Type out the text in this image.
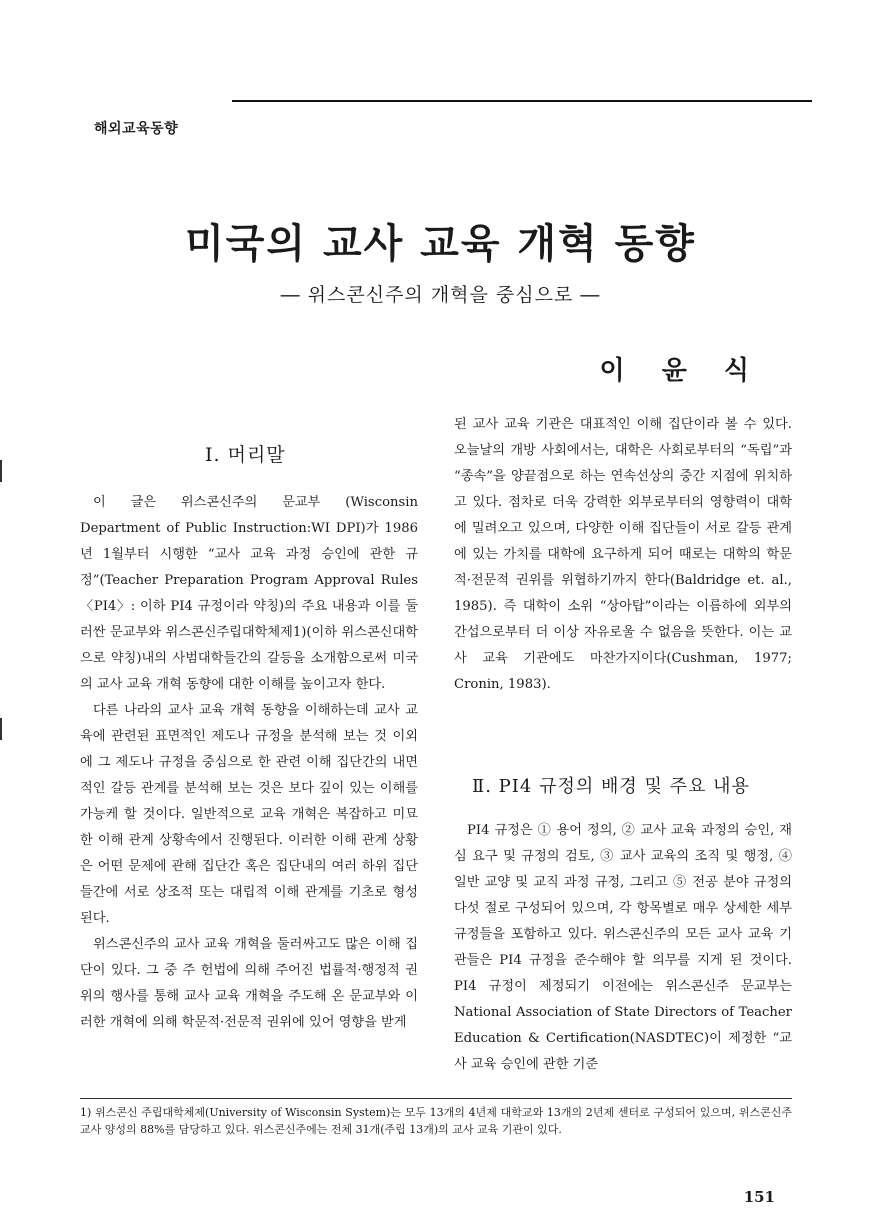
해외교육동향
미국의 교사 교육 개혁 동향
― 위스콘신주의 개혁을 중심으로 ―
이 윤 식
Ⅰ. 머리말

이 글은 위스콘신주의 문교부 (Wisconsin Department of Public Instruction:WI DPI)가 1986년 1월부터 시행한 “교사 교육 과정 승인에 관한 규정”(Teacher Preparation Program Approval Rules〈PI4〉: 이하 PI4 규정이라 약칭)의 주요 내용과 이를 둘러싼 문교부와 위스콘신주립대학체제1)(이하 위스콘신대학으로 약칭)내의 사범대학들간의 갈등을 소개함으로써 미국의 교사 교육 개혁 동향에 대한 이해를 높이고자 한다.

다른 나라의 교사 교육 개혁 동향을 이해하는데 교사 교육에 관련된 표면적인 제도나 규정을 분석해 보는 것 이외에 그 제도나 규정을 중심으로 한 관련 이해 집단간의 내면적인 갈등 관계를 분석해 보는 것은 보다 깊이 있는 이해를 가능케 할 것이다. 일반적으로 교육 개혁은 복잡하고 미묘한 이해 관계 상황속에서 진행된다. 이러한 이해 관계 상황은 어떤 문제에 관해 집단간 혹은 집단내의 여러 하위 집단들간에 서로 상조적 또는 대립적 이해 관계를 기초로 형성된다.

위스콘신주의 교사 교육 개혁을 둘러싸고도 많은 이해 집단이 있다. 그 중 주 헌법에 의해 주어진 법률적·행정적 권위의 행사를 통해 교사 교육 개혁을 주도해 온 문교부와 이러한 개혁에 의해 학문적·전문적 권위에 있어 영향을 받게

된 교사 교육 기관은 대표적인 이해 집단이라 볼 수 있다. 오늘날의 개방 사회에서는, 대학은 사회로부터의 “독립”과 “종속”을 양끝점으로 하는 연속선상의 중간 지점에 위치하고 있다. 점차로 더욱 강력한 외부로부터의 영향력이 대학에 밀려오고 있으며, 다양한 이해 집단들이 서로 갈등 관계에 있는 가치를 대학에 요구하게 되어 때로는 대학의 학문적·전문적 권위를 위협하기까지 한다(Baldridge et. al., 1985). 즉 대학이 소위 “상아탑”이라는 이름하에 외부의 간섭으로부터 더 이상 자유로울 수 없음을 뜻한다. 이는 교사 교육 기관에도 마찬가지이다(Cushman, 1977; Cronin, 1983).

Ⅱ. PI4 규정의 배경 및 주요 내용

PI4 규정은 ① 용어 정의, ② 교사 교육 과정의 승인, 재심 요구 및 규정의 검토, ③ 교사 교육의 조직 및 행정, ④ 일반 교양 및 교직 과정 규정, 그리고 ⑤ 전공 분야 규정의 다섯 절로 구성되어 있으며, 각 항목별로 매우 상세한 세부 규정들을 포함하고 있다. 위스콘신주의 모든 교사 교육 기관들은 PI4 규정을 준수해야 할 의무를 지게 된 것이다. PI4 규정이 제정되기 이전에는 위스콘신주 문교부는 National Association of State Directors of Teacher Education & Certification(NASDTEC)이 제정한 “교사 교육 승인에 관한 기준

1) 위스콘신 주립대학체제(University of Wisconsin System)는 모두 13개의 4년제 대학교와 13개의 2년제 센터로 구성되어 있으며, 위스콘신주 교사 양성의 88%를 담당하고 있다. 위스콘신주에는 전체 31개(주립 13개)의 교사 교육 기관이 있다.
151
